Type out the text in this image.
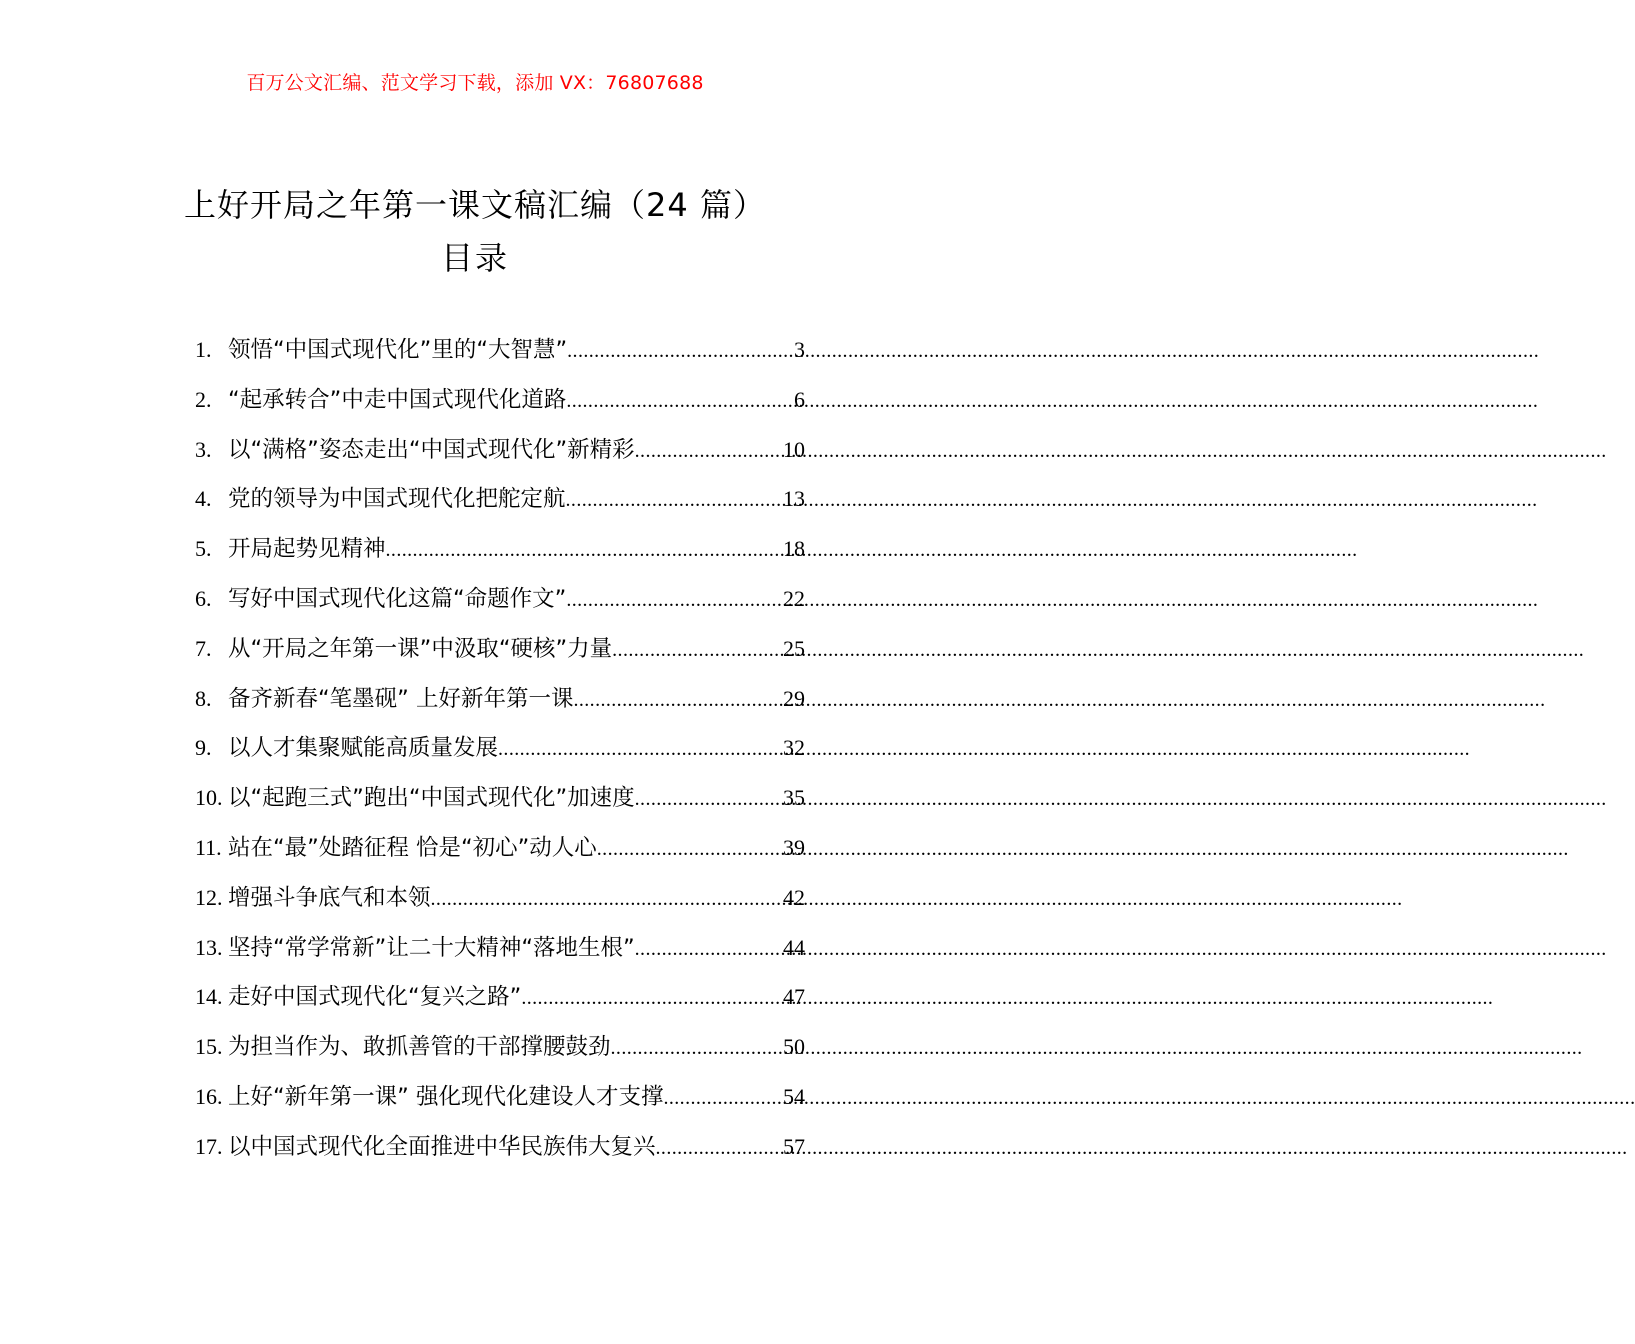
百万公文汇编、范文学习下载，添加 VX：76807688
上好开局之年第一课文稿汇编（24 篇）
目录
1. 领悟“中国式现代化”里的“大智慧” .....	3
2. “起承转合”中走中国式现代化道路 .....	6
3. 以“满格”姿态走出“中国式现代化”新精彩 .....	10
4. 党的领导为中国式现代化把舵定航 .....	13
5. 开局起势见精神 .....	18
6. 写好中国式现代化这篇“命题作文” .....	22
7. 从“开局之年第一课”中汲取“硬核”力量 .....	25
8. 备齐新春“笔墨砚” 上好新年第一课 .....	29
9. 以人才集聚赋能高质量发展 .....	32
10. 以“起跑三式”跑出“中国式现代化”加速度 .....	35
11. 站在“最”处踏征程 恰是“初心”动人心 .....	39
12. 增强斗争底气和本领 .....	42
13. 坚持“常学常新”让二十大精神“落地生根” .....	44
14. 走好中国式现代化“复兴之路” .....	47
15. 为担当作为、敢抓善管的干部撑腰鼓劲 .....	50
16. 上好“新年第一课” 强化现代化建设人才支撑 .....	54
17. 以中国式现代化全面推进中华民族伟大复兴 .....	57
